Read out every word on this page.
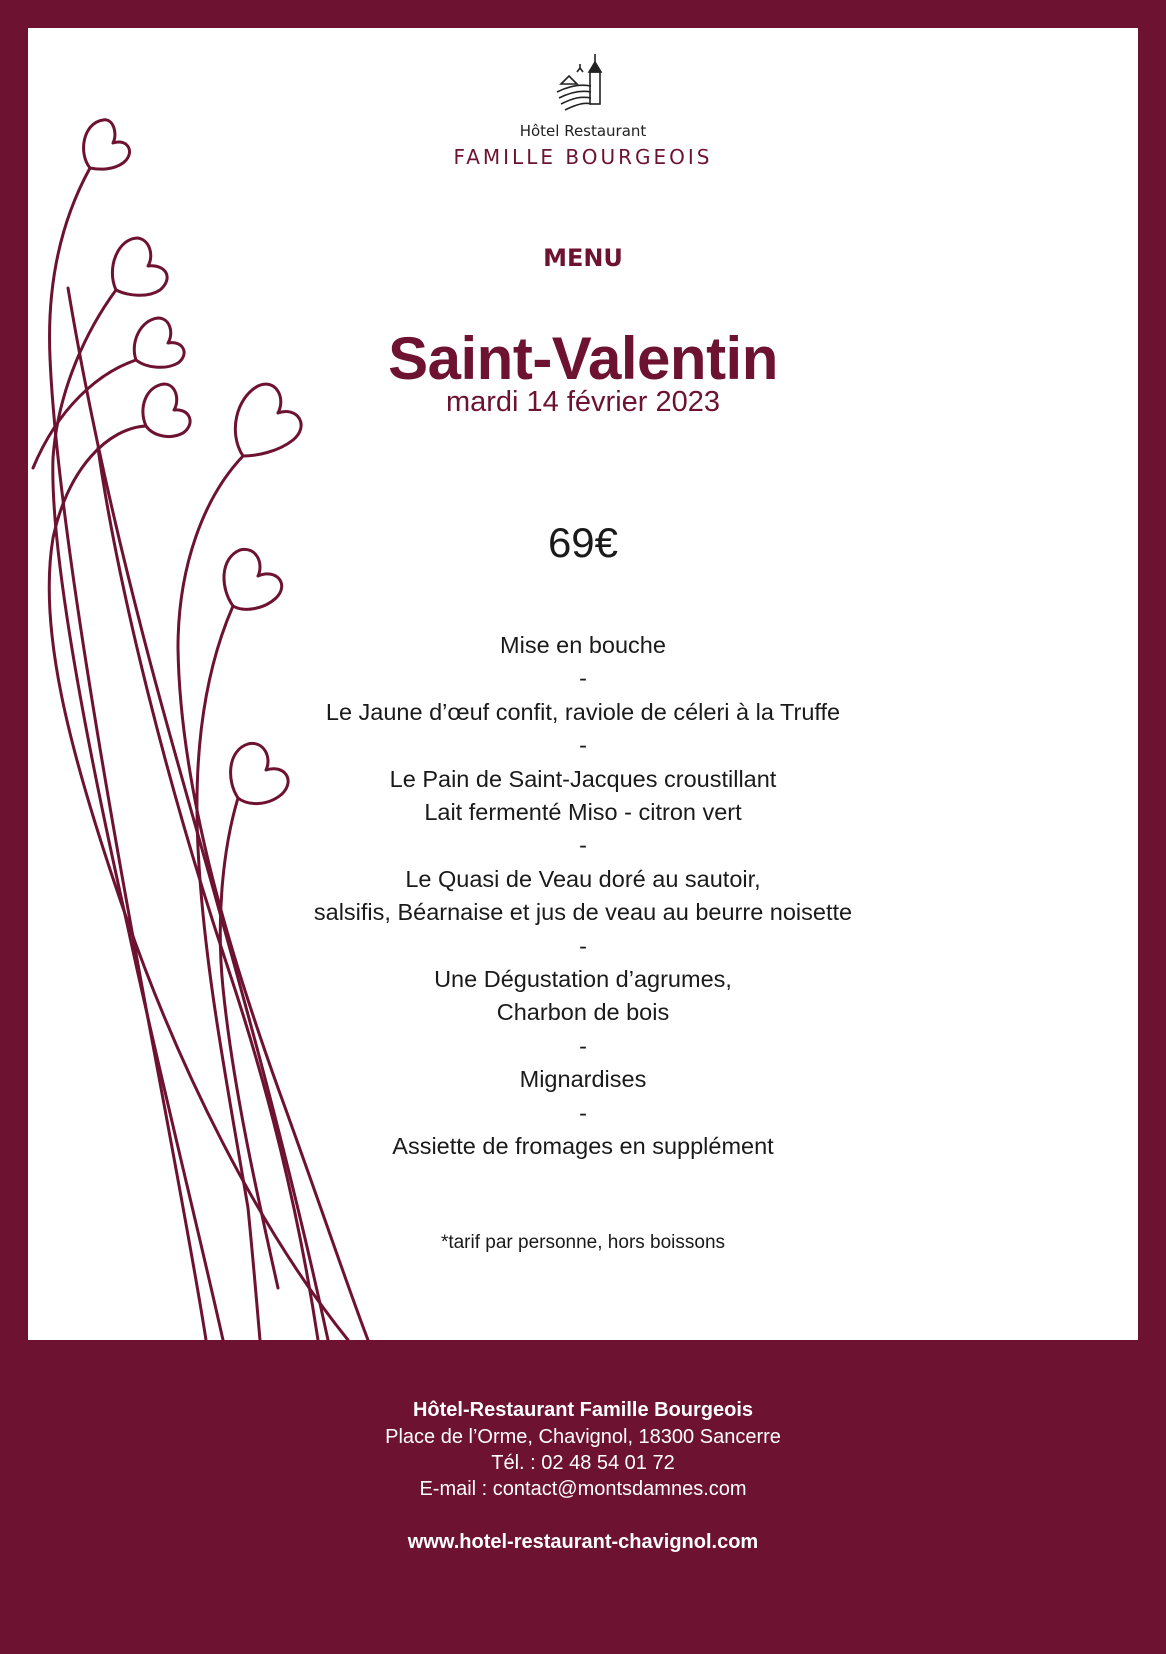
Hôtel Restaurant
FAMILLE BOURGEOIS
MENU
Saint-Valentin
mardi 14 février 2023
69€
Mise en bouche
-
Le Jaune d’œuf confit, raviole de céleri à la Truffe
-
Le Pain de Saint-Jacques croustillant
Lait fermenté Miso - citron vert
-
Le Quasi de Veau doré au sautoir,
salsifis, Béarnaise et jus de veau au beurre noisette
-
Une Dégustation d’agrumes,
Charbon de bois
-
Mignardises
-
Assiette de fromages en supplément
*tarif par personne, hors boissons
Hôtel-Restaurant Famille Bourgeois
Place de l’Orme, Chavignol, 18300 Sancerre
Tél. : 02 48 54 01 72
E-mail : contact@montsdamnes.com
www.hotel-restaurant-chavignol.com
